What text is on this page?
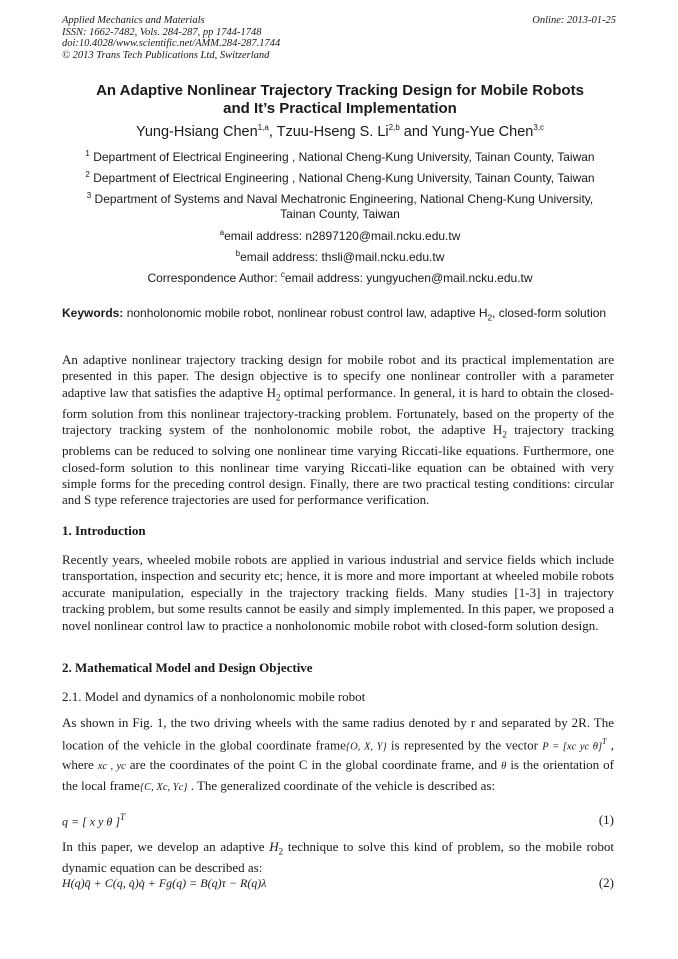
Applied Mechanics and Materials
ISSN: 1662-7482, Vols. 284-287, pp 1744-1748
doi:10.4028/www.scientific.net/AMM.284-287.1744
© 2013 Trans Tech Publications Ltd, Switzerland
Online: 2013-01-25
An Adaptive Nonlinear Trajectory Tracking Design for Mobile Robots
and It’s Practical Implementation
Yung-Hsiang Chen$^{1,a}$, Tzuu-Hseng S. Li$^{2,b}$ and Yung-Yue Chen$^{3,c}$
$^1$ Department of Electrical Engineering , National Cheng-Kung University, Tainan County, Taiwan
$^2$ Department of Electrical Engineering , National Cheng-Kung University, Tainan County, Taiwan
$^3$ Department of Systems and Naval Mechatronic Engineering, National Cheng-Kung University,
Tainan County, Taiwan
$^a$email address: n2897120@mail.ncku.edu.tw
$^b$email address: thsli@mail.ncku.edu.tw
Correspondence Author: $^c$email address: yungyuchen@mail.ncku.edu.tw
Keywords: nonholonomic mobile robot, nonlinear robust control law, adaptive $H_2$, closed-form solution
An adaptive nonlinear trajectory tracking design for mobile robot and its practical implementation are presented in this paper. The design objective is to specify one nonlinear controller with a parameter adaptive law that satisfies the adaptive $H_2$ optimal performance. In general, it is hard to obtain the closed-form solution from this nonlinear trajectory-tracking problem. Fortunately, based on the property of the trajectory tracking system of the nonholonomic mobile robot, the adaptive $H_2$ trajectory tracking problems can be reduced to solving one nonlinear time varying Riccati-like equations. Furthermore, one closed-form solution to this nonlinear time varying Riccati-like equation can be obtained with very simple forms for the preceding control design. Finally, there are two practical testing conditions: circular and S type reference trajectories are used for performance verification.
1. Introduction
Recently years, wheeled mobile robots are applied in various industrial and service fields which include transportation, inspection and security etc; hence, it is more and more important at wheeled mobile robots accurate manipulation, especially in the trajectory tracking fields. Many studies [1-3] in trajectory tracking problem, but some results cannot be easily and simply implemented. In this paper, we proposed a novel nonlinear control law to practice a nonholonomic mobile robot with closed-form solution design.
2. Mathematical Model and Design Objective
2.1. Model and dynamics of a nonholonomic mobile robot
As shown in Fig. 1, the two driving wheels with the same radius denoted by r and separated by 2R. The location of the vehicle in the global coordinate frame{O, X, Y} is represented by the vector P = [xc yc θ]$^T$ , where xc , yc are the coordinates of the point C in the global coordinate frame, and θ is the orientation of the local frame{C, Xc, Yc} . The generalized coordinate of the vehicle is described as:
q = [ x y θ ]$^T$	(1)
In this paper, we develop an adaptive $H_2$ technique to solve this kind of problem, so the mobile robot dynamic equation can be described as:
H(q)q̈ + C(q, q̇)q̇ + Fg(q) = B(q)τ − R(q)λ	(2)
